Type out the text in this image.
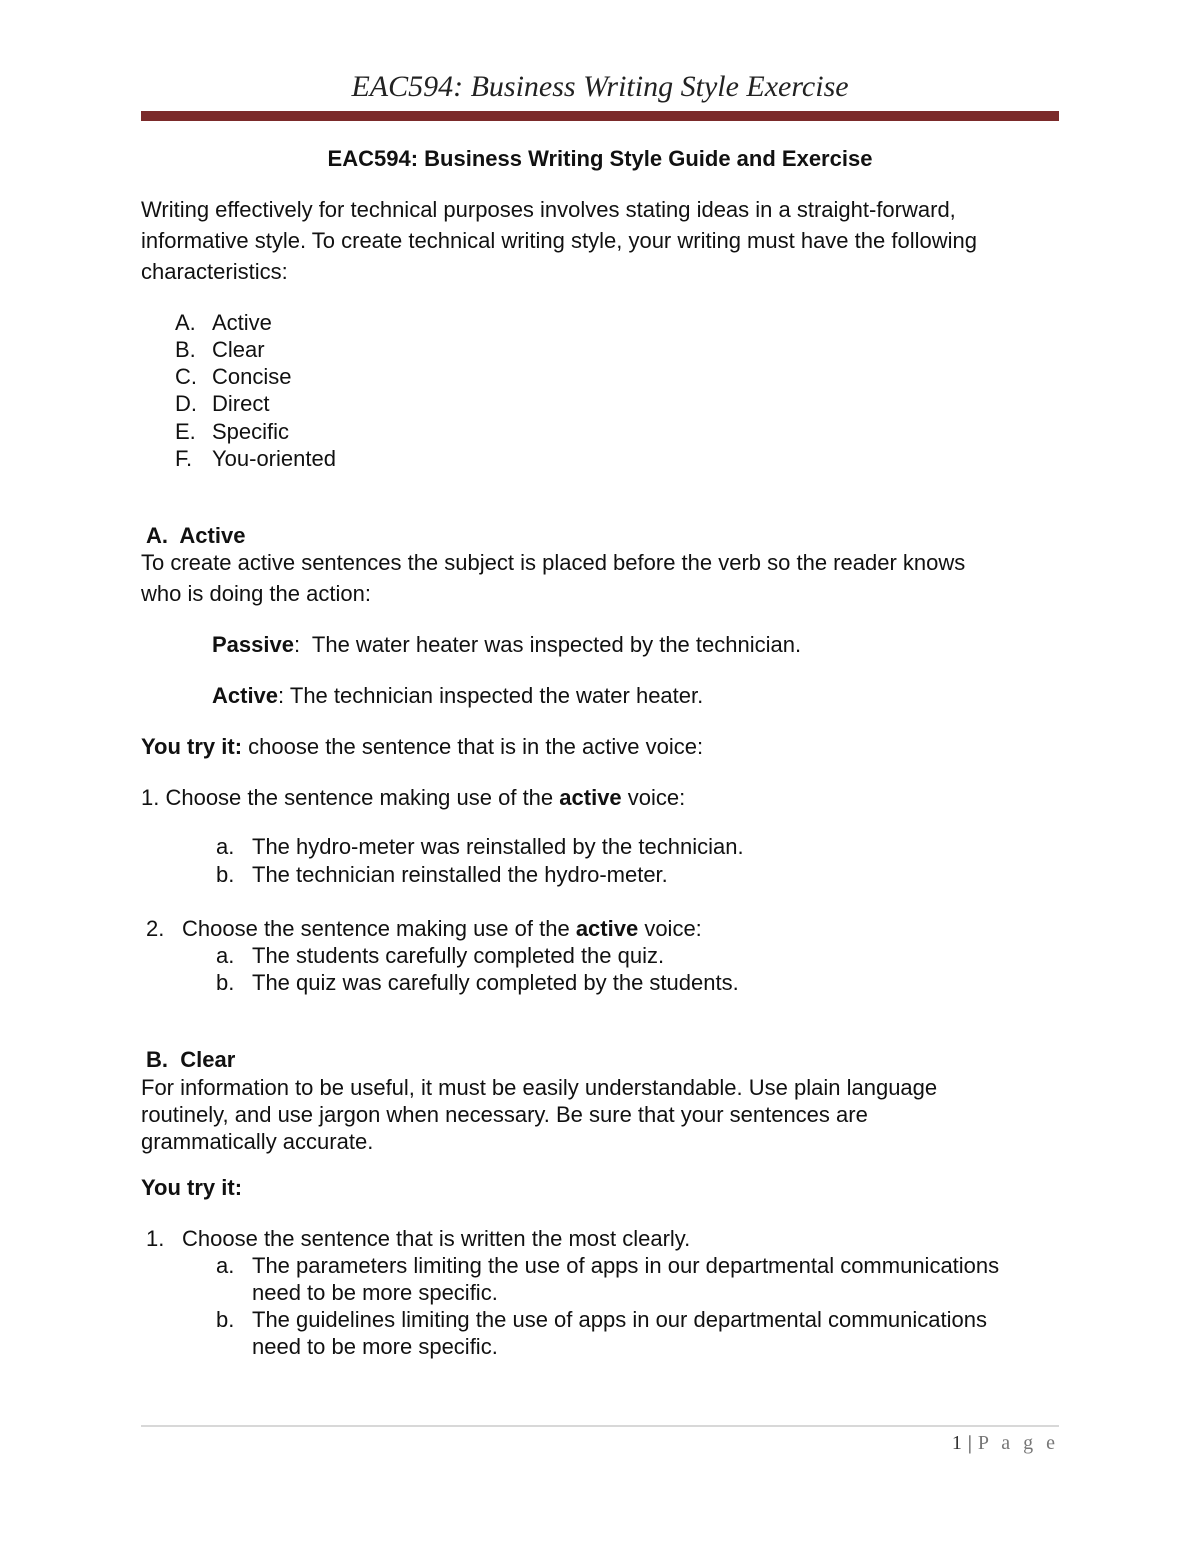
EAC594: Business Writing Style Exercise
EAC594: Business Writing Style Guide and Exercise
Writing effectively for technical purposes involves stating ideas in a straight-forward,
informative style. To create technical writing style, your writing must have the following
characteristics:
A. Active
B. Clear
C. Concise
D. Direct
E. Specific
F. You-oriented
A.  Active
To create active sentences the subject is placed before the verb so the reader knows
who is doing the action:
Passive:  The water heater was inspected by the technician.
Active: The technician inspected the water heater.
You try it: choose the sentence that is in the active voice:
1. Choose the sentence making use of the active voice:
a. The hydro-meter was reinstalled by the technician.
b. The technician reinstalled the hydro-meter.
2. Choose the sentence making use of the active voice:
a. The students carefully completed the quiz.
b. The quiz was carefully completed by the students.
B.  Clear
For information to be useful, it must be easily understandable. Use plain language
routinely, and use jargon when necessary. Be sure that your sentences are
grammatically accurate.
You try it:
1. Choose the sentence that is written the most clearly.
a. The parameters limiting the use of apps in our departmental communications
need to be more specific.
b. The guidelines limiting the use of apps in our departmental communications
need to be more specific.
1 | P a g e
